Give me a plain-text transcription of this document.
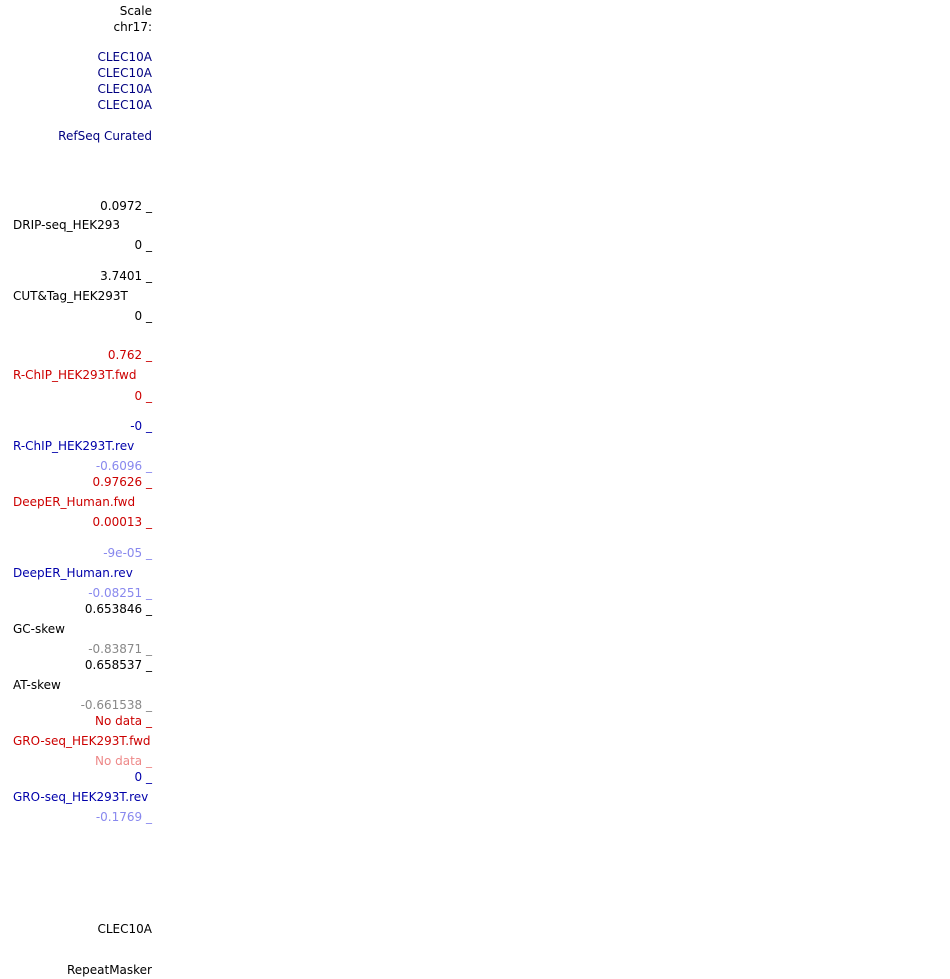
Scale
chr17:
CLEC10A
CLEC10A
CLEC10A
CLEC10A
RefSeq Curated
0.0972 _
DRIP-seq_HEK293
0 _
3.7401 _
CUT&Tag_HEK293T
0 _
0.762 _
R-ChIP_HEK293T.fwd
0 _
-0 _
R-ChIP_HEK293T.rev
-0.6096 _
0.97626 _
DeepER_Human.fwd
0.00013 _
-9e-05 _
DeepER_Human.rev
-0.08251 _
0.653846 _
GC-skew
-0.83871 _
0.658537 _
AT-skew
-0.661538 _
No data _
GRO-seq_HEK293T.fwd
No data _
0 _
GRO-seq_HEK293T.rev
-0.1769 _
CLEC10A
RepeatMasker
